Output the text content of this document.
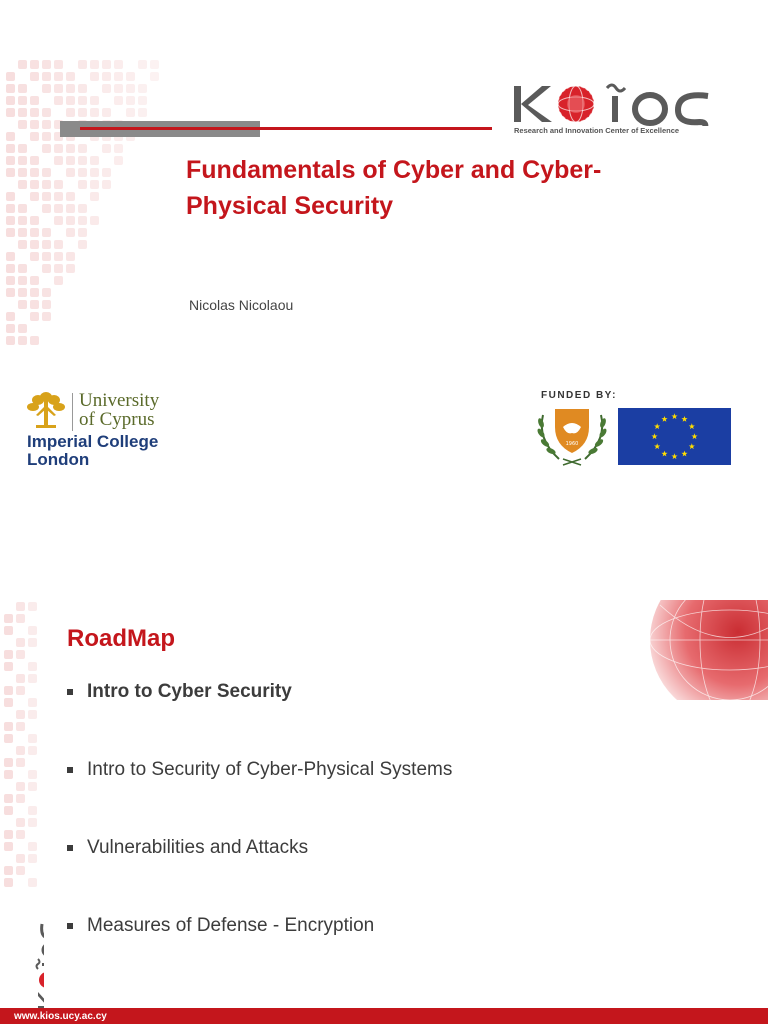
Research and Innovation Center of Excellence
Fundamentals of Cyber and Cyber-
Physical Security
Nicolas Nicolaou
University
of Cyprus
Imperial College
London
FUNDED BY:
1960
RoadMap
Intro to Cyber Security
Intro to Security of Cyber-Physical Systems
Vulnerabilities and Attacks
Measures of Defense - Encryption
www.kios.ucy.ac.cy
